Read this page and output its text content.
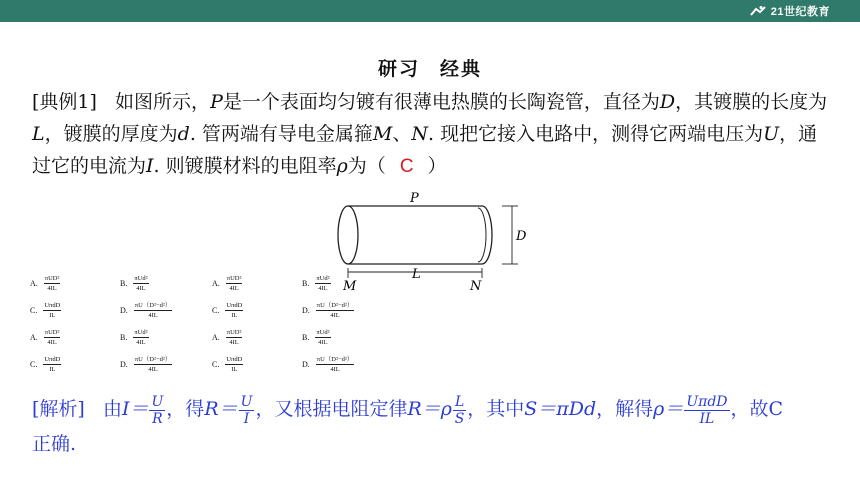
21世纪教育
研习 经典
[典例1] 如图所示，P是一个表面均匀镀有很薄电热膜的长陶瓷管，直径为D，其镀膜的长度为L，镀膜的厚度为d. 管两端有导电金属箍M、N. 现把它接入电路中，测得它两端电压为U，通过它的电流为I. 则镀膜材料的电阻率ρ为（ C ）
P
D
L
M	N
A. $\frac{\text{πUD²}}{4IL}$	B. $\frac{\text{πUd²}}{4IL}$	A. $\frac{\text{πUD²}}{4IL}$	B. $\frac{\text{πUd²}}{4IL}$
C. $\frac{\text{UπdD}}{IL}$	D. $\frac{\text{πU（D²−d²）}}{4IL}$	C. $\frac{\text{UπdD}}{IL}$	D. $\frac{\text{πU（D²−d²）}}{4IL}$
A. $\frac{\text{πUD²}}{4IL}$	B. $\frac{\text{πUd²}}{4IL}$	A. $\frac{\text{πUD²}}{4IL}$	B. $\frac{\text{πUd²}}{4IL}$
C. $\frac{\text{UπdD}}{IL}$	D. $\frac{\text{πU（D²−d²）}}{4IL}$	C. $\frac{\text{UπdD}}{IL}$	D. $\frac{\text{πU（D²−d²）}}{4IL}$
[解析] 由$I= \frac{U}{R}$ ，得$R= \frac{U}{I}$ ，又根据电阻定律$R=\rho \frac{L}{S}$ ，其中S＝πDd，解得ρ＝ UπdD
IL ，故C
正确.
